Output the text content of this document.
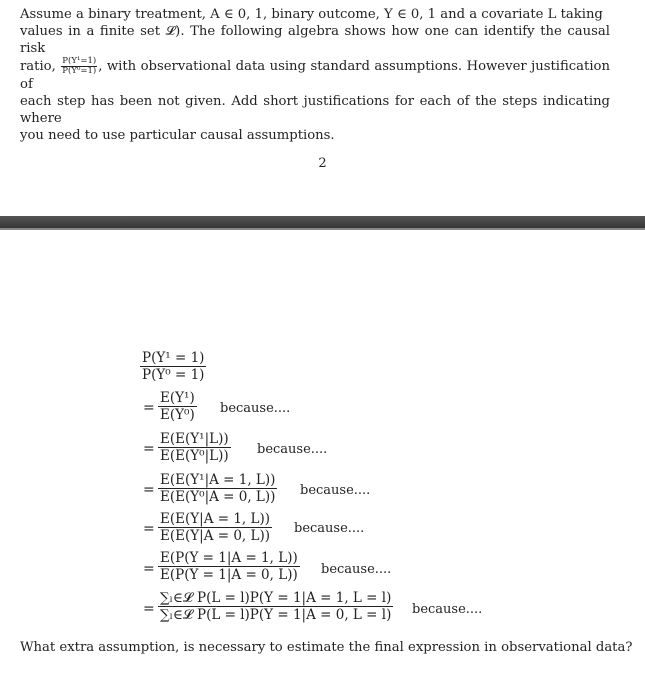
Assume a binary treatment, A ∈ 0, 1, binary outcome, Y ∈ 0, 1 and a covariate L taking
values in a finite set 𝓛). The following algebra shows how one can identify the causal risk
ratio, $\frac{\text{P(Y¹=1)}}{\text{P(Y⁰=1)}}$ , with observational data using standard assumptions. However justification of
each step has been not given. Add short justifications for each of the steps indicating where
you need to use particular causal assumptions.
2
$\frac{\text{P(Y¹ = 1)}}{\text{P(Y⁰ = 1)}}$
= $\frac{\text{E(Y¹)}}{\text{E(Y⁰)}}$ because....
= $\frac{\text{E(E(Y¹|L))}}{\text{E(E(Y⁰|L))}}$ because....
= $\frac{\text{E(E(Y¹|A = 1, L))}}{\text{E(E(Y⁰|A = 0, L))}}$ because....
= $\frac{E(E(Y|A = 1, L))}{E(E(Y|A = 0, L))}$ because....
= $\frac{E(P(Y = 1|A = 1, L))}{E(P(Y = 1|A = 0, L))}$ because....
=
∑ₗ∈𝓛 P(L = l)P(Y = 1|A = 1, L = l)
∑ₗ∈𝓛 P(L = l)P(Y = 1|A = 0, L = l) because....
What extra assumption, is necessary to estimate the final expression in observational data?
